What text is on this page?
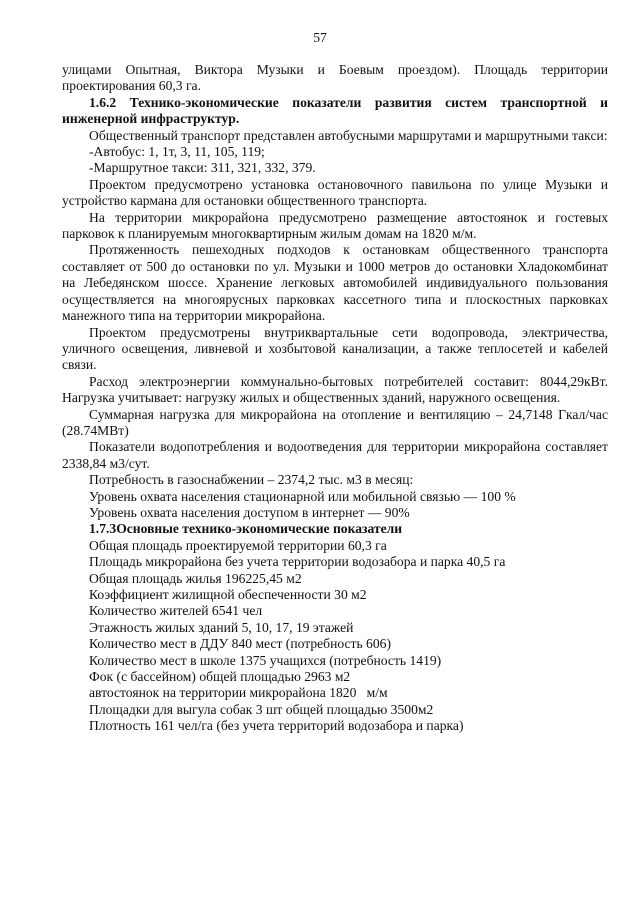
57

улицами Опытная, Виктора Музыки и Боевым проездом). Площадь территории проектирования 60,3 га.

1.6.2 Технико-экономические показатели развития систем транспортной и инженерной инфраструктур.

Общественный транспорт представлен автобусными маршрутами и маршрутными такси:

-Автобус: 1, 1т, 3, 11, 105, 119;

-Маршрутное такси: 311, 321, 332, 379.

Проектом предусмотрено установка остановочного павильона по улице Музыки и устройство кармана для остановки общественного транспорта.

На территории микрорайона предусмотрено размещение автостоянок и гостевых парковок к планируемым многоквартирным жилым домам на 1820 м/м.

Протяженность пешеходных подходов к остановкам общественного транспорта составляет от 500 до остановки по ул. Музыки и 1000 метров до остановки Хладокомбинат на Лебедянском шоссе. Хранение легковых автомобилей индивидуального пользования осуществляется на многоярусных парковках кассетного типа и плоскостных парковках манежного типа на территории микрорайона.

Проектом предусмотрены внутриквартальные сети водопровода, электричества, уличного освещения, ливневой и хозбытовой канализации, а также теплосетей и кабелей связи.

Расход электроэнергии коммунально-бытовых потребителей составит: 8044,29кВт. Нагрузка учитывает: нагрузку жилых и общественных зданий, наружного освещения.

Суммарная нагрузка для микрорайона на отопление и вентиляцию – 24,7148 Гкал/час (28.74МВт)

Показатели водопотребления и водоотведения для территории микрорайона составляет 2338,84 м3/сут.

Потребность в газоснабжении – 2374,2 тыс. м3 в месяц:

Уровень охвата населения стационарной или мобильной связью — 100 %

Уровень охвата населения доступом в интернет — 90%

1.7.3Основные технико-экономические показатели

Общая площадь проектируемой территории 60,3 га

Площадь микрорайона без учета территории водозабора и парка 40,5 га

Общая площадь жилья 196225,45 м2

Коэффициент жилищной обеспеченности 30 м2

Количество жителей 6541 чел

Этажность жилых зданий 5, 10, 17, 19 этажей

Количество мест в ДДУ 840 мест (потребность 606)

Количество мест в школе 1375 учащихся (потребность 1419)

Фок (с бассейном) общей площадью 2963 м2

автостоянок на территории микрорайона 1820   м/м

Площадки для выгула собак 3 шт общей площадью 3500м2

Плотность 161 чел/га (без учета территорий водозабора и парка)
